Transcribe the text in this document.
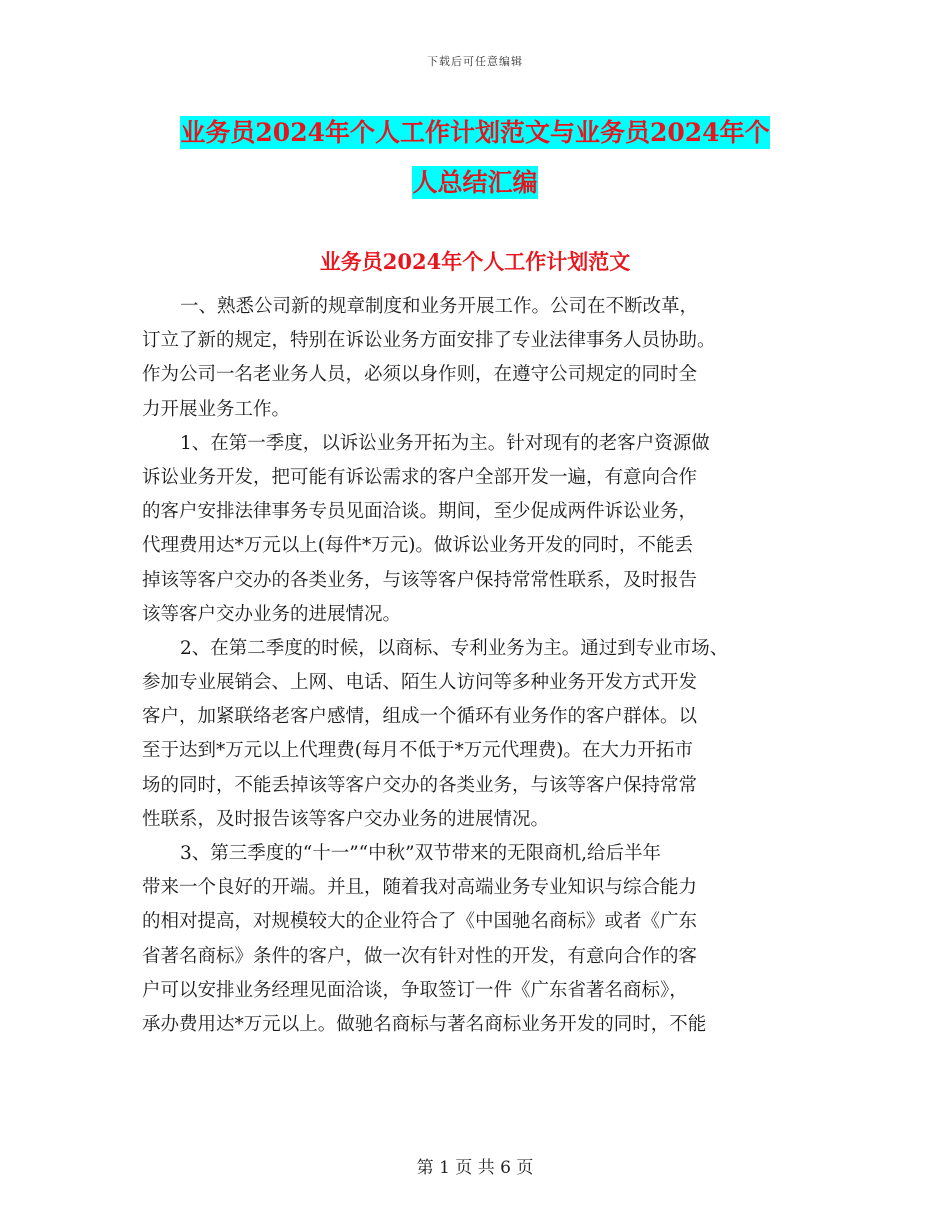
下载后可任意编辑
业务员2024年个人工作计划范文与业务员2024年个
人总结汇编
业务员2024年个人工作计划范文
一、熟悉公司新的规章制度和业务开展工作。公司在不断改革，
订立了新的规定，特别在诉讼业务方面安排了专业法律事务人员协助。
作为公司一名老业务人员，必须以身作则，在遵守公司规定的同时全
力开展业务工作。
1、在第一季度，以诉讼业务开拓为主。针对现有的老客户资源做
诉讼业务开发，把可能有诉讼需求的客户全部开发一遍，有意向合作
的客户安排法律事务专员见面洽谈。期间，至少促成两件诉讼业务，
代理费用达*万元以上(每件*万元)。做诉讼业务开发的同时，不能丢
掉该等客户交办的各类业务，与该等客户保持常常性联系，及时报告
该等客户交办业务的进展情况。
2、在第二季度的时候，以商标、专利业务为主。通过到专业市场、
参加专业展销会、上网、电话、陌生人访问等多种业务开发方式开发
客户，加紧联络老客户感情，组成一个循环有业务作的客户群体。以
至于达到*万元以上代理费(每月不低于*万元代理费)。在大力开拓市
场的同时，不能丢掉该等客户交办的各类业务，与该等客户保持常常
性联系，及时报告该等客户交办业务的进展情况。
3、第三季度的“十一”“中秋”双节带来的无限商机,给后半年
带来一个良好的开端。并且，随着我对高端业务专业知识与综合能力
的相对提高，对规模较大的企业符合了《中国驰名商标》或者《广东
省著名商标》条件的客户，做一次有针对性的开发，有意向合作的客
户可以安排业务经理见面洽谈，争取签订一件《广东省著名商标》，
承办费用达*万元以上。做驰名商标与著名商标业务开发的同时，不能
第 1 页 共 6 页
